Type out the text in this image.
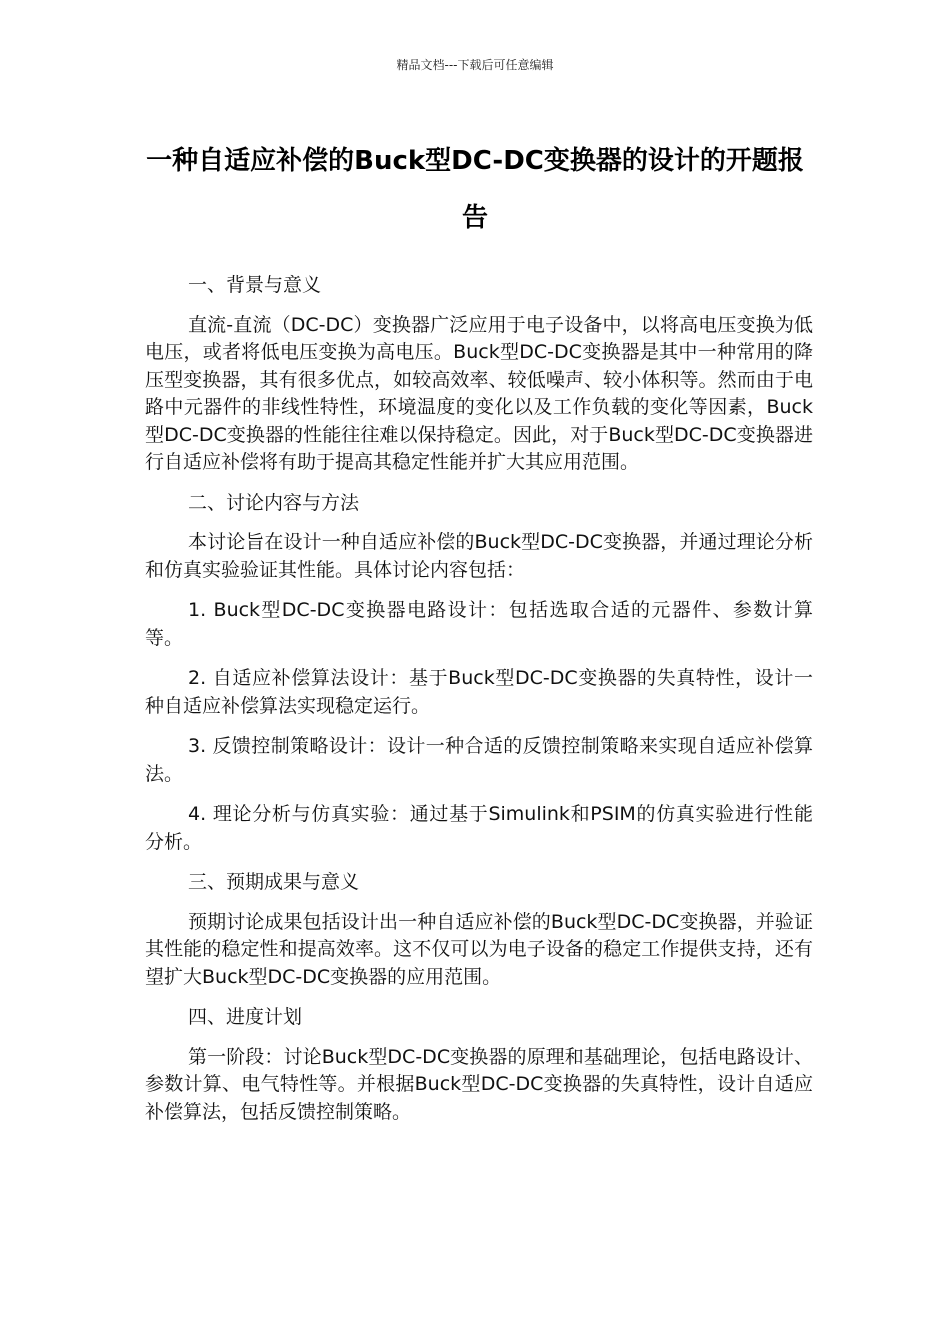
精品文档---下载后可任意编辑
一种自适应补偿的Buck型DC-DC变换器的设计的开题报告

一、背景与意义

直流-直流（DC-DC）变换器广泛应用于电子设备中，以将高电压变换为低电压，或者将低电压变换为高电压。Buck型DC-DC变换器是其中一种常用的降压型变换器，其有很多优点，如较高效率、较低噪声、较小体积等。然而由于电路中元器件的非线性特性，环境温度的变化以及工作负载的变化等因素，Buck型DC-DC变换器的性能往往难以保持稳定。因此，对于Buck型DC-DC变换器进行自适应补偿将有助于提高其稳定性能并扩大其应用范围。

二、讨论内容与方法

本讨论旨在设计一种自适应补偿的Buck型DC-DC变换器，并通过理论分析和仿真实验验证其性能。具体讨论内容包括：

1. Buck型DC-DC变换器电路设计：包括选取合适的元器件、参数计算等。

2. 自适应补偿算法设计：基于Buck型DC-DC变换器的失真特性，设计一种自适应补偿算法实现稳定运行。

3. 反馈控制策略设计：设计一种合适的反馈控制策略来实现自适应补偿算法。

4. 理论分析与仿真实验：通过基于Simulink和PSIM的仿真实验进行性能分析。

三、预期成果与意义

预期讨论成果包括设计出一种自适应补偿的Buck型DC-DC变换器，并验证其性能的稳定性和提高效率。这不仅可以为电子设备的稳定工作提供支持，还有望扩大Buck型DC-DC变换器的应用范围。

四、进度计划

第一阶段：讨论Buck型DC-DC变换器的原理和基础理论，包括电路设计、参数计算、电气特性等。并根据Buck型DC-DC变换器的失真特性，设计自适应补偿算法，包括反馈控制策略。
